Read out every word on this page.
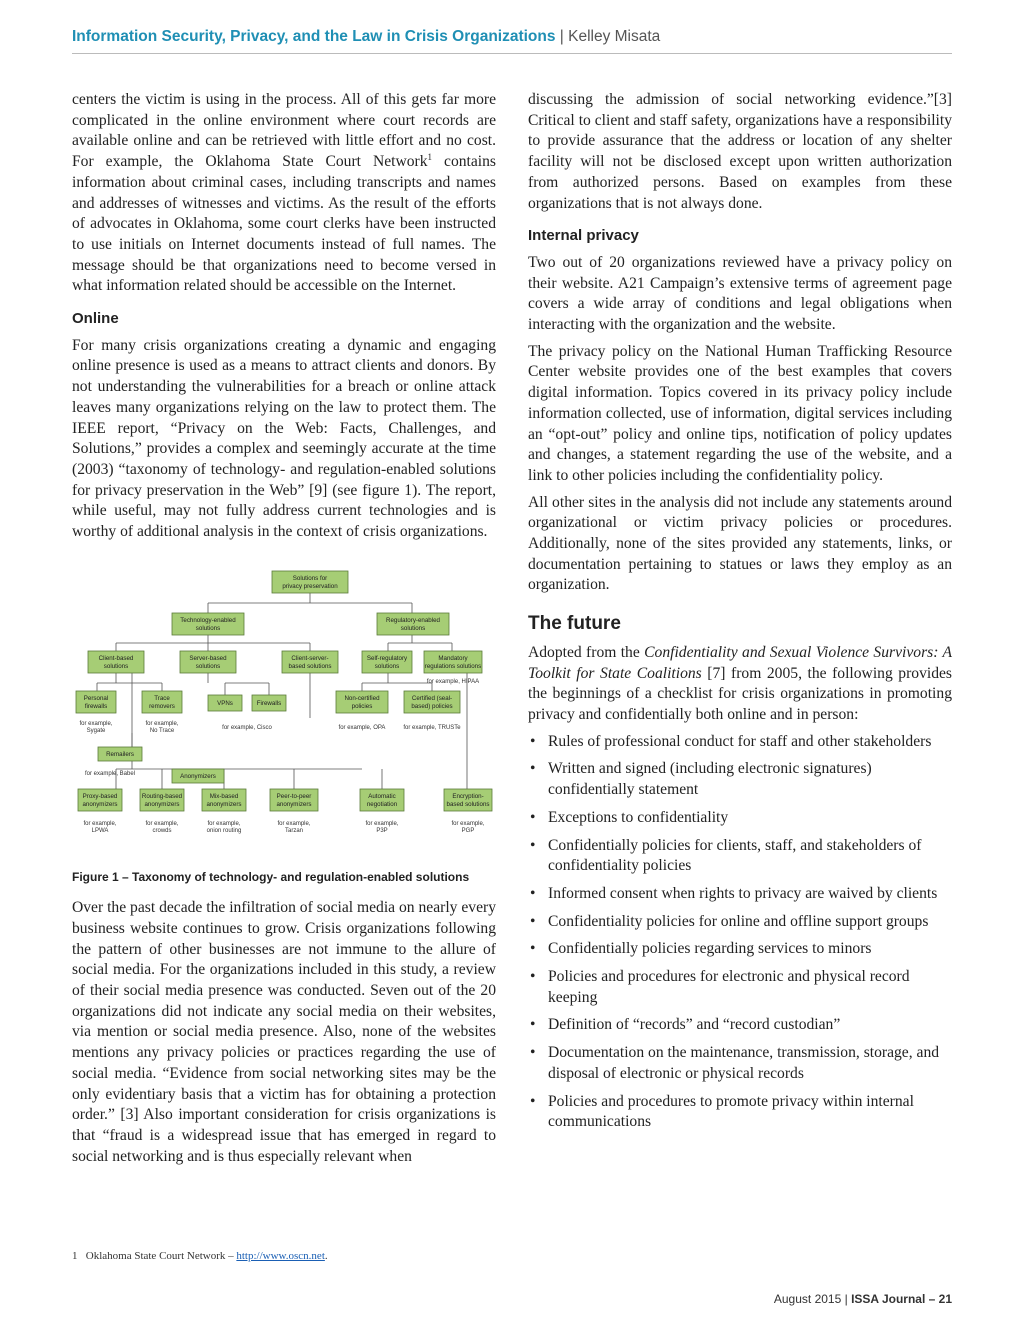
Information Security, Privacy, and the Law in Crisis Organizations | Kelley Misata

centers the victim is using in the process. All of this gets far more complicated in the online environment where court records are available online and can be retrieved with little effort and no cost. For example, the Oklahoma State Court Network$^1$ contains information about criminal cases, including transcripts and names and addresses of witnesses and victims. As the result of the efforts of advocates in Oklahoma, some court clerks have been instructed to use initials on Internet documents instead of full names. The message should be that organizations need to become versed in what information related should be accessible on the Internet.

Online

For many crisis organizations creating a dynamic and engaging online presence is used as a means to attract clients and donors. By not understanding the vulnerabilities for a breach or online attack leaves many organizations relying on the law to protect them. The IEEE report, “Privacy on the Web: Facts, Challenges, and Solutions,” provides a complex and seemingly accurate at the time (2003) “taxonomy of technology- and regulation-enabled solutions for privacy preservation in the Web” [9] (see figure 1). The report, while useful, may not fully address current technologies and is worthy of additional analysis in the context of crisis organizations.

Solutions for
privacy preservation
Technology-enabled
solutions
Regulatory-enabled
solutions
Client-based
solutions
Server-based
solutions
Client-server-
based solutions
Self-regulatory
solutions
Mandatory
regulations solutions
for example, HIPAA
Personal
firewalls
Trace
removers	VPNs	Firewalls
Non-certified
policies
Certified (seal-
based) policies
for example,
Sygate
for example,
No Trace	for example, Cisco	for example, OPA	for example, TRUSTe
Remailers
for example, Babel	Anonymizers
Proxy-based
anonymizers
Routing-based
anonymizers
Mix-based
anonymizers
Peer-to-peer
anonymizers
Automatic
negotiation
Encryption-
based solutions
for example,
LPWA
for example,
crowds
for example,
onion routing
for example,
Tarzan
for example,
P3P
for example,
PGP
Figure 1 – Taxonomy of technology- and regulation-enabled solutions

Over the past decade the infiltration of social media on nearly every business website continues to grow. Crisis organizations following the pattern of other businesses are not immune to the allure of social media. For the organizations included in this study, a review of their social media presence was conducted. Seven out of the 20 organizations did not indicate any social media on their websites, via mention or social media presence. Also, none of the websites mentions any privacy policies or practices regarding the use of social media. “Evidence from social networking sites may be the only evidentiary basis that a victim has for obtaining a protection order.” [3] Also important consideration for crisis organizations is that “fraud is a widespread issue that has emerged in regard to social networking and is thus especially relevant when

discussing the admission of social networking evidence.”[3] Critical to client and staff safety, organizations have a responsibility to provide assurance that the address or location of any shelter facility will not be disclosed except upon written authorization from authorized persons. Based on examples from these organizations that is not always done.

Internal privacy

Two out of 20 organizations reviewed have a privacy policy on their website. A21 Campaign’s extensive terms of agreement page covers a wide array of conditions and legal obligations when interacting with the organization and the website.

The privacy policy on the National Human Trafficking Resource Center website provides one of the best examples that covers digital information. Topics covered in its privacy policy include information collected, use of information, digital services including an “opt-out” policy and online tips, notification of policy updates and changes, a statement regarding the use of the website, and a link to other policies including the confidentiality policy.

All other sites in the analysis did not include any statements around organizational or victim privacy policies or procedures. Additionally, none of the sites provided any statements, links, or documentation pertaining to statues or laws they employ as an organization.

The future

Adopted from the Confidentiality and Sexual Violence Survivors: A Toolkit for State Coalitions [7] from 2005, the following provides the beginnings of a checklist for crisis organizations in promoting privacy and confidentially both online and in person:

• Rules of professional conduct for staff and other stakeholders
• Written and signed (including electronic signatures) confidentially statement
• Exceptions to confidentiality
• Confidentially policies for clients, staff, and stakeholders of confidentiality policies
• Informed consent when rights to privacy are waived by clients
• Confidentiality policies for online and offline support groups
• Confidentially policies regarding services to minors
• Policies and procedures for electronic and physical record keeping
• Definition of “records” and “record custodian”
• Documentation on the maintenance, transmission, storage, and disposal of electronic or physical records
• Policies and procedures to promote privacy within internal communications
1 Oklahoma State Court Network – http://www.oscn.net.
August 2015 | ISSA Journal – 21
